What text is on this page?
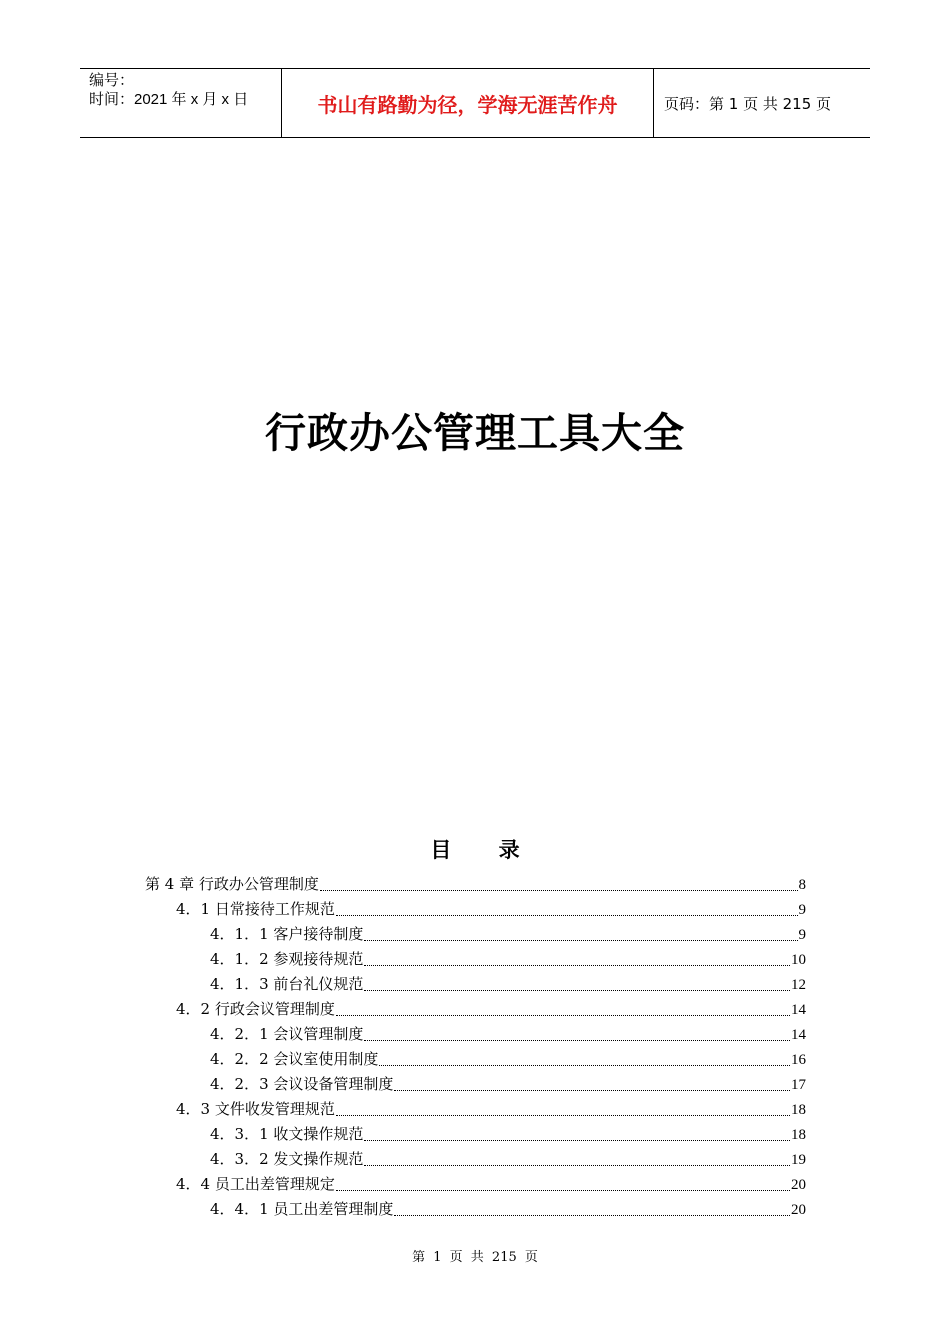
编号：
时间：2021 年 x 月 x 日	书山有路勤为径，学海无涯苦作舟	页码：第 1 页 共 215 页
行政办公管理工具大全
目 录
第 4 章 行政办公管理制度	8
4．1 日常接待工作规范	9
4．1．1 客户接待制度	9
4．1．2 参观接待规范	10
4．1．3 前台礼仪规范	12
4．2 行政会议管理制度	14
4．2．1 会议管理制度	14
4．2．2 会议室使用制度	16
4．2．3 会议设备管理制度	17
4．3 文件收发管理规范	18
4．3．1 收文操作规范	18
4．3．2 发文操作规范	19
4．4 员工出差管理规定	20
4．4．1 员工出差管理制度	20
第 1 页 共 215 页
